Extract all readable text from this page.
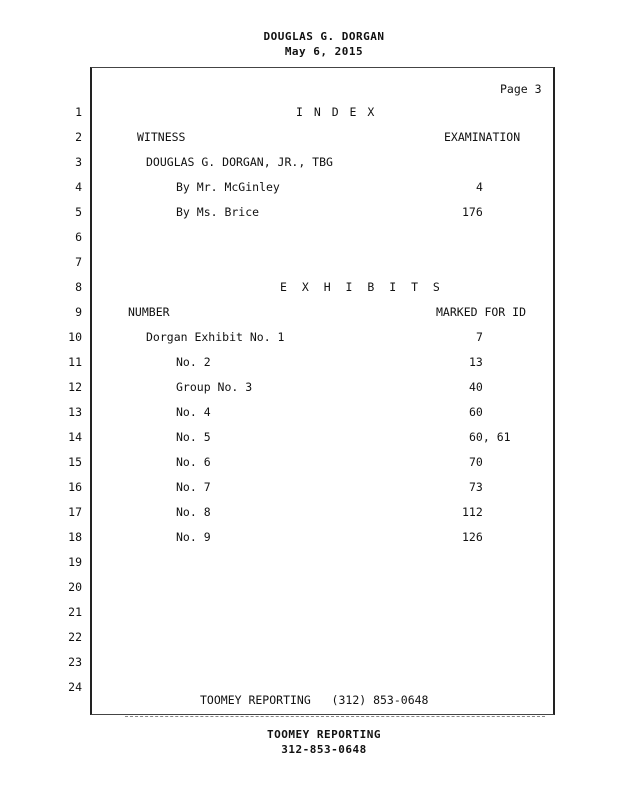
DOUGLAS G. DORGAN
May 6, 2015
Page 3
1
2
3
4
5
6
7
8
9
10
11
12
13
14
15
16
17
18
19
20
21
22
23
24
I N D E X
WITNESS	EXAMINATION
DOUGLAS G. DORGAN, JR., TBG
By Mr. McGinley	4
By Ms. Brice	176
E X H I B I T S
NUMBER	MARKED FOR ID
Dorgan Exhibit No. 1	7
No. 2	13
Group No. 3	40
No. 4	60
No. 5	60, 61
No. 6	70
No. 7	73
No. 8	112
No. 9	126
TOOMEY REPORTING   (312) 853-0648
TOOMEY REPORTING
312-853-0648
